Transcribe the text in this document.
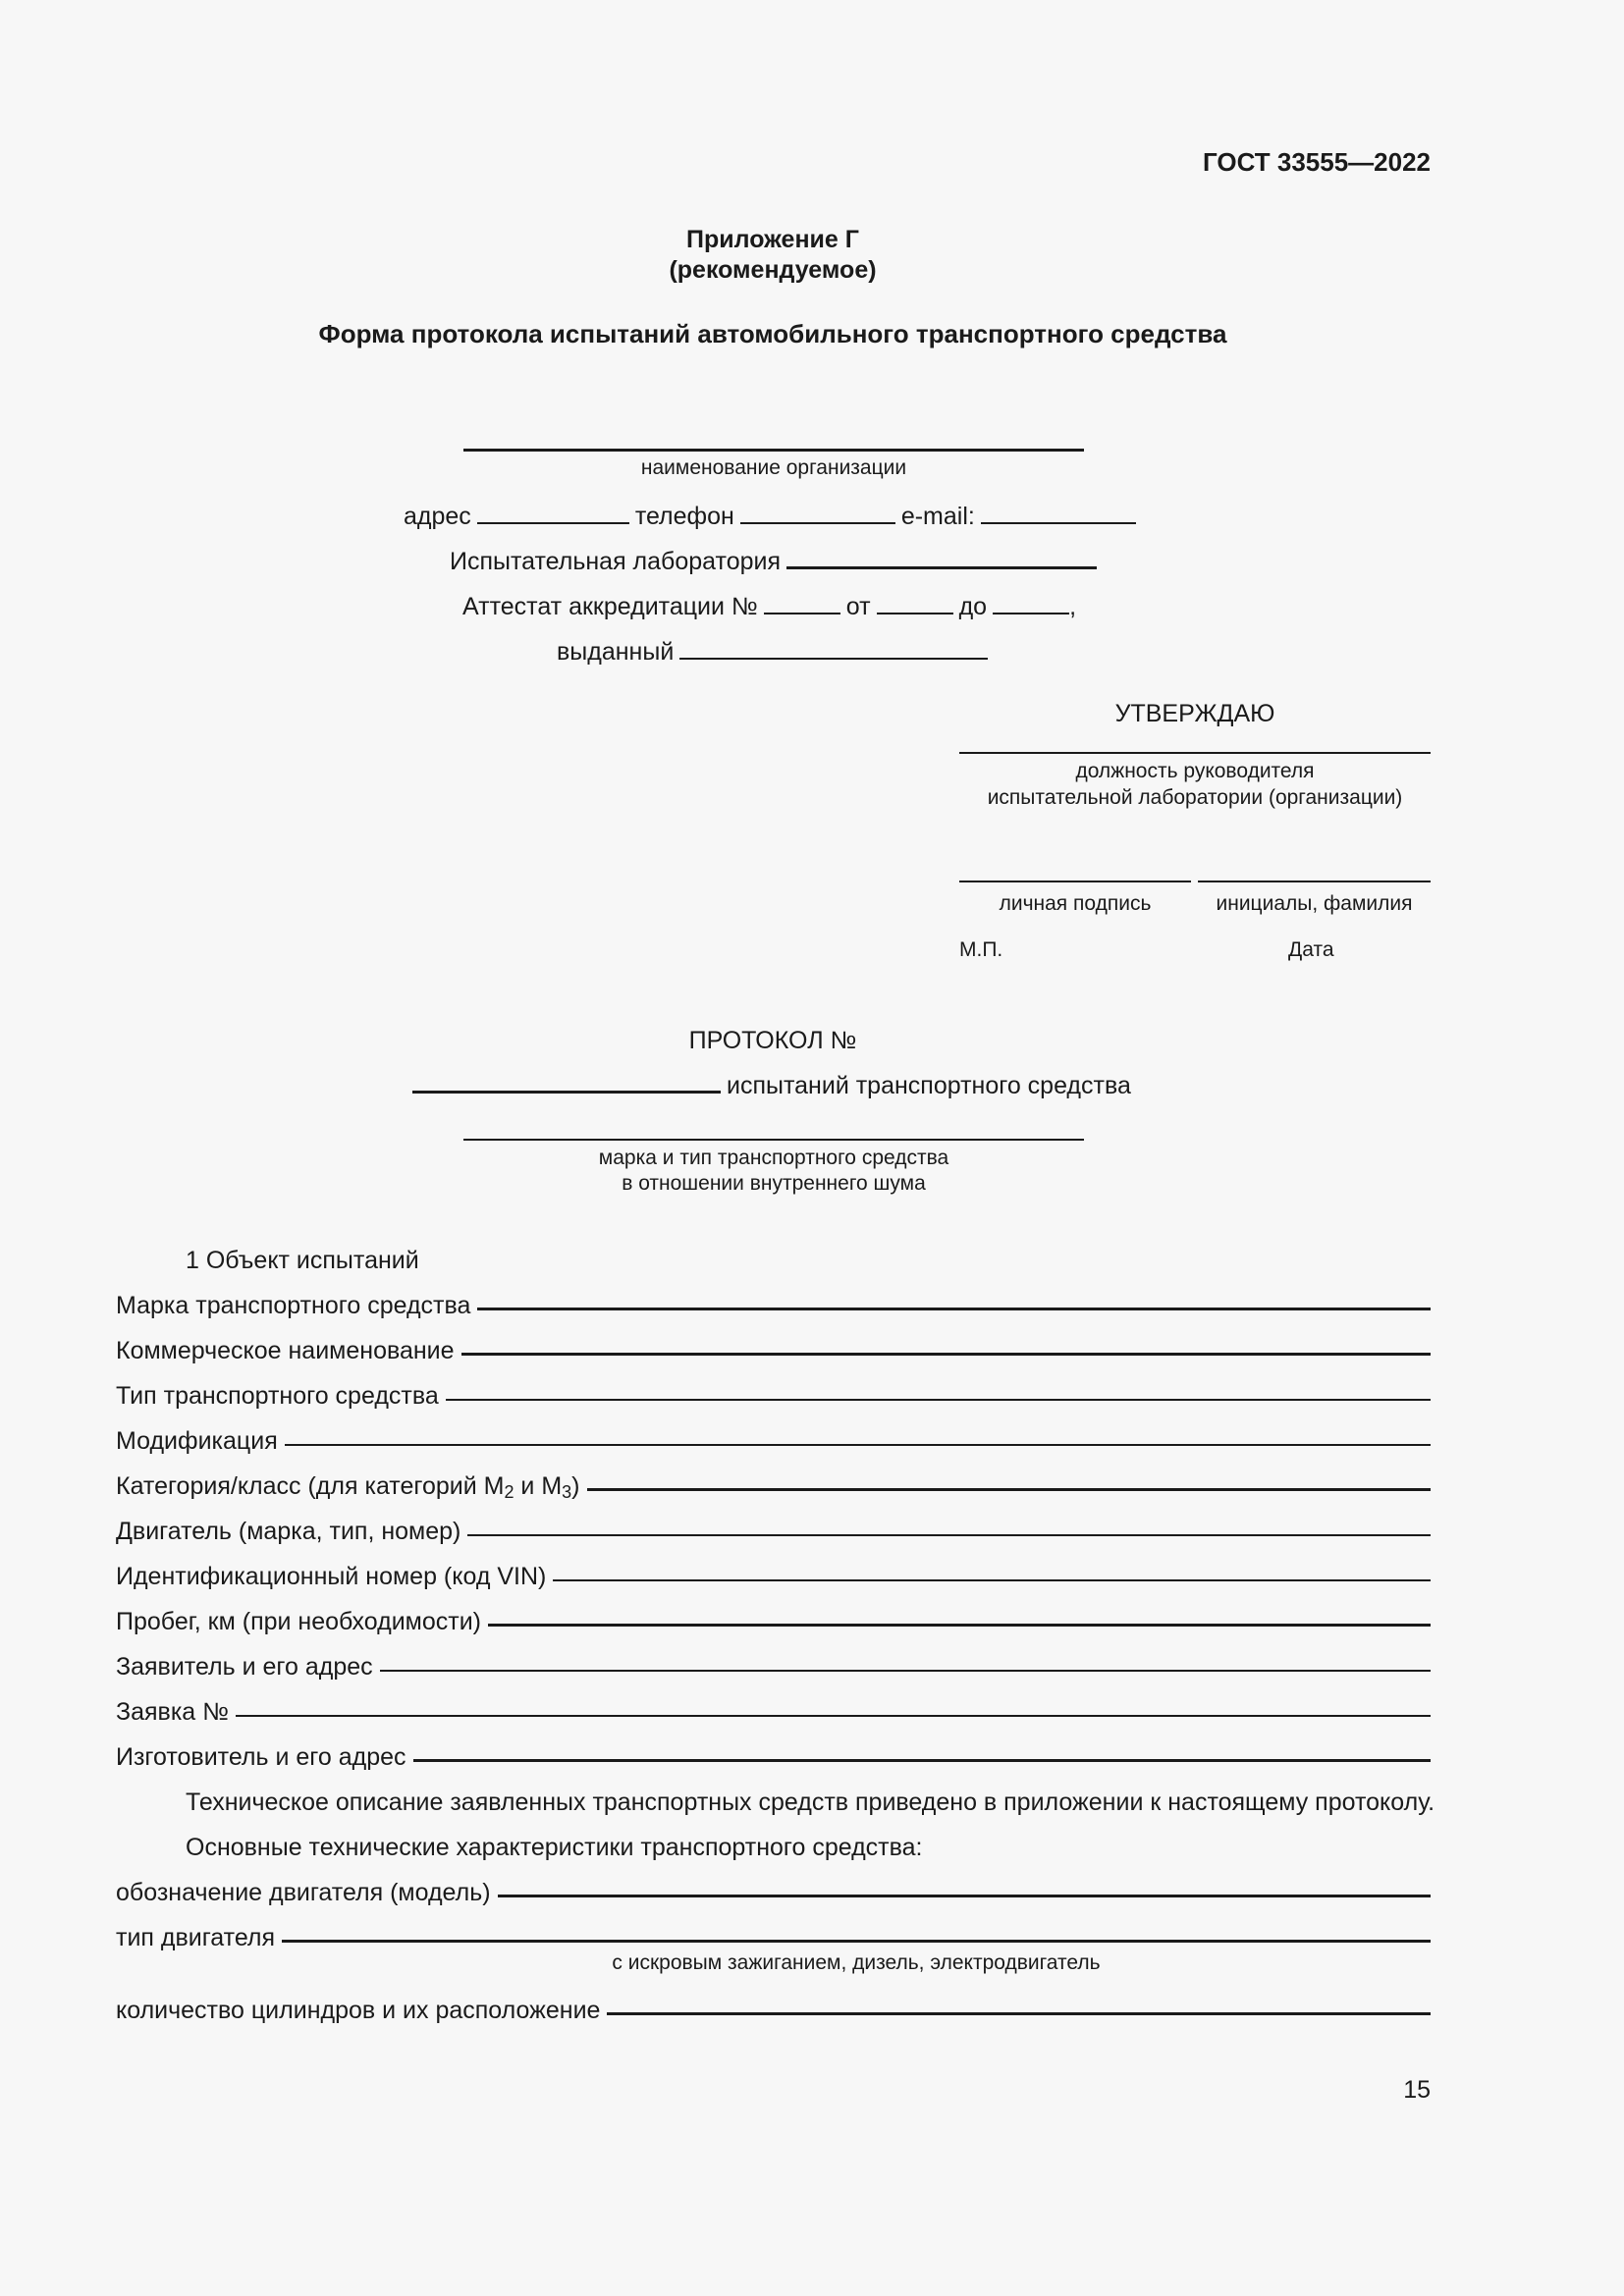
ГОСТ 33555—2022
Приложение Г
(рекомендуемое)
Форма протокола испытаний автомобильного транспортного средства
наименование организации
адрес	телефон	e-mail:
Испытательная лаборатория
Аттестат аккредитации №	от	до	,
выданный
УТВЕРЖДАЮ
должность руководителя
испытательной лаборатории (организации)
личная подпись	инициалы, фамилия
М.П.	Дата
ПРОТОКОЛ №
испытаний транспортного средства
марка и тип транспортного средства
в отношении внутреннего шума
1 Объект испытаний
Марка транспортного средства
Коммерческое наименование
Тип транспортного средства
Модификация
Категория/класс (для категорий $M_2$ и $M_3$)
Двигатель (марка, тип, номер)
Идентификационный номер (код VIN)
Пробег, км (при необходимости)
Заявитель и его адрес
Заявка №
Изготовитель и его адрес
Техническое описание заявленных транспортных средств приведено в приложении к настоящему протоколу.
Основные технические характеристики транспортного средства:
обозначение двигателя (модель)
тип двигателя
с искровым зажиганием, дизель, электродвигатель
количество цилиндров и их расположение
15
